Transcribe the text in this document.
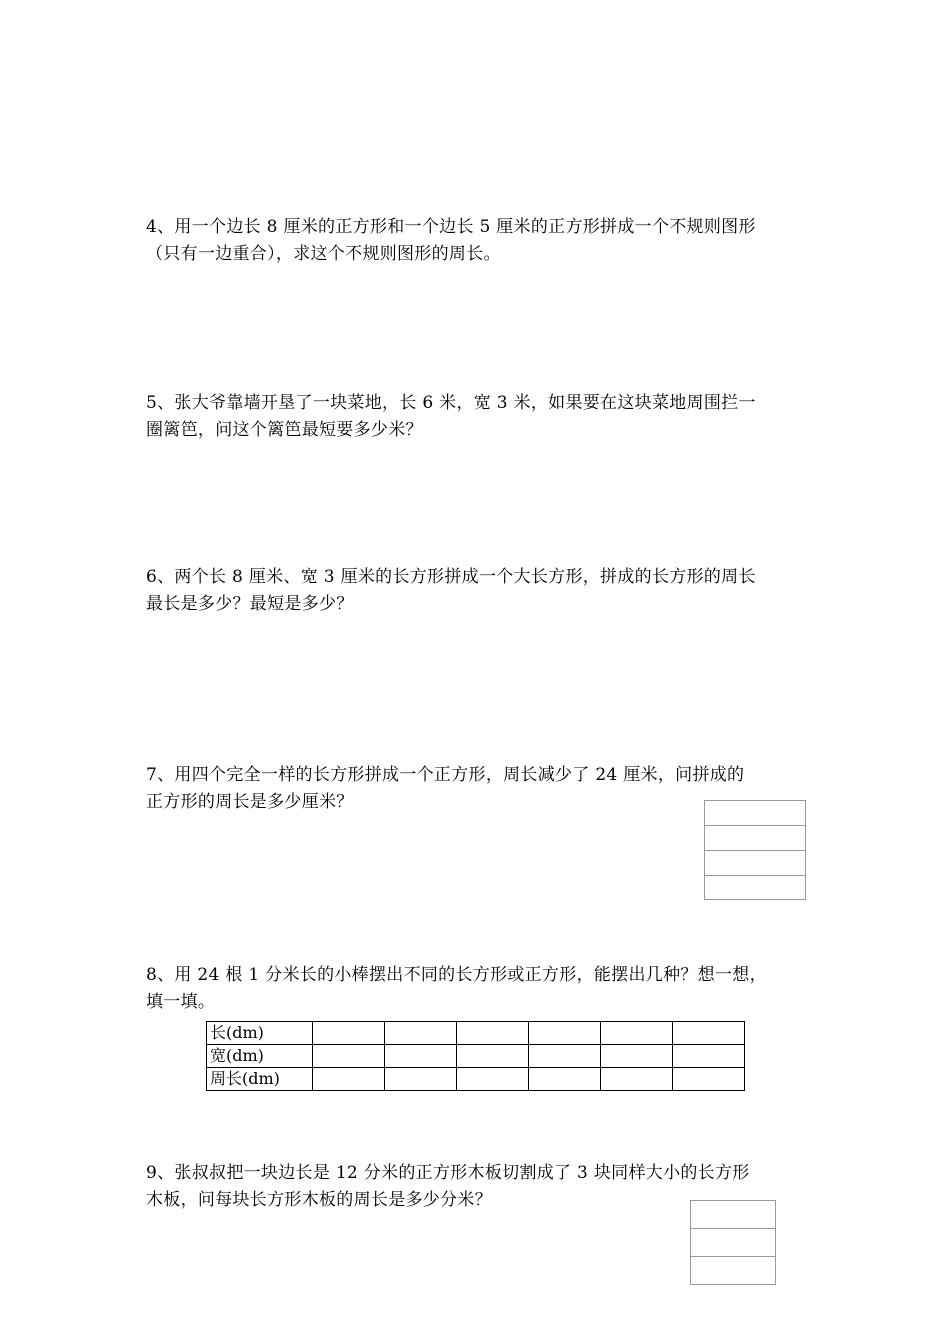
4、用一个边长 8 厘米的正方形和一个边长 5 厘米的正方形拼成一个不规则图形

（只有一边重合），求这个不规则图形的周长。

5、张大爷靠墙开垦了一块菜地，长 6 米，宽 3 米，如果要在这块菜地周围拦一

圈篱笆，问这个篱笆最短要多少米？

6、两个长 8 厘米、宽 3 厘米的长方形拼成一个大长方形，拼成的长方形的周长

最长是多少？最短是多少？

7、用四个完全一样的长方形拼成一个正方形，周长减少了 24 厘米，问拼成的

正方形的周长是多少厘米？

8、用 24 根 1 分米长的小棒摆出不同的长方形或正方形，能摆出几种？想一想，

填一填。

长(dm)						
宽(dm)						
周长(dm)						

9、张叔叔把一块边长是 12 分米的正方形木板切割成了 3 块同样大小的长方形

木板，问每块长方形木板的周长是多少分米？
